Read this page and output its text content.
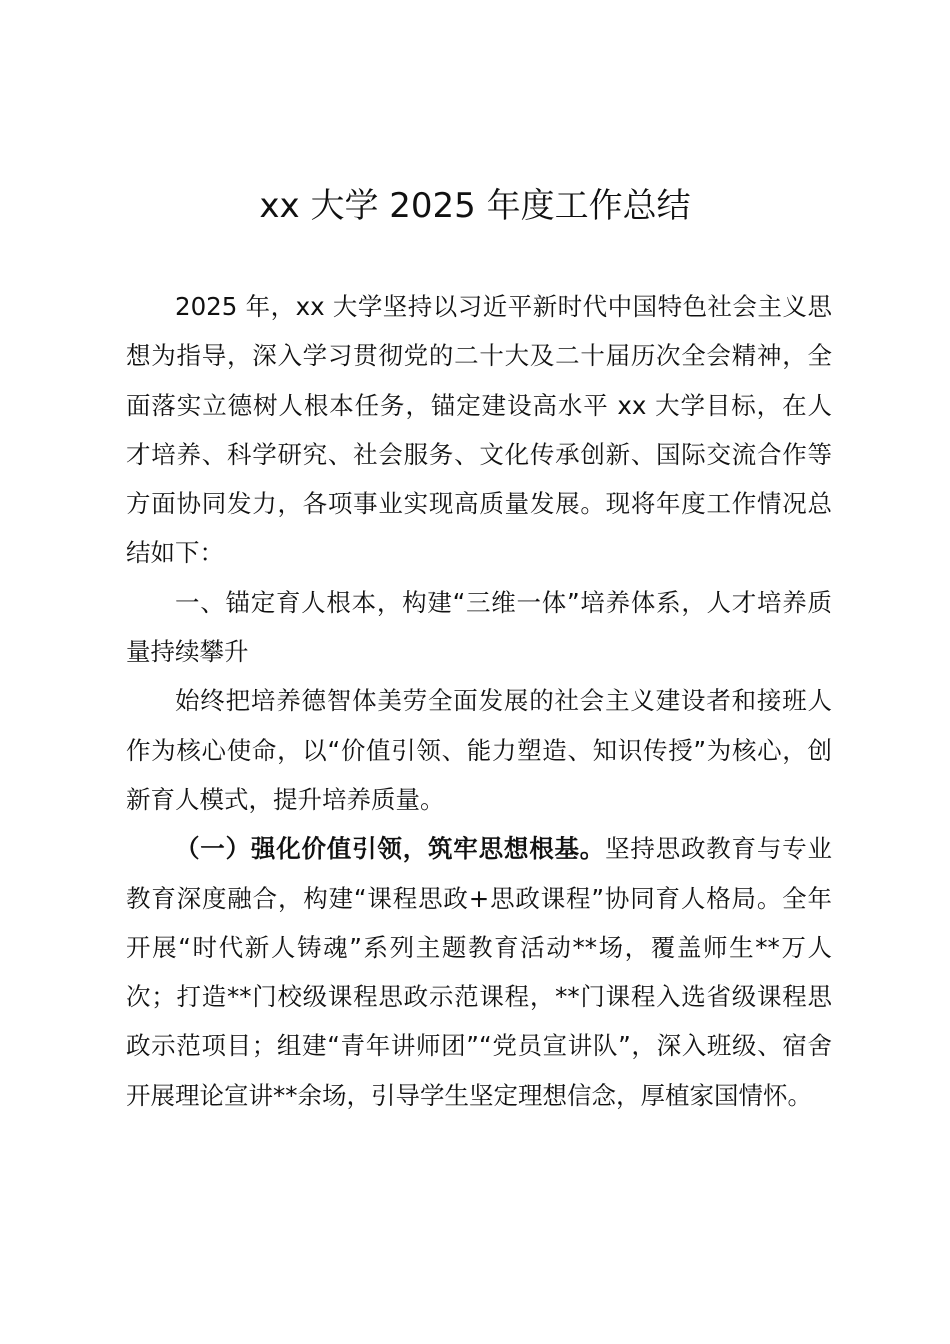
xx 大学 2025 年度工作总结

2025 年，xx 大学坚持以习近平新时代中国特色社会主义思想为指导，深入学习贯彻党的二十大及二十届历次全会精神，全面落实立德树人根本任务，锚定建设高水平 xx 大学目标，在人才培养、科学研究、社会服务、文化传承创新、国际交流合作等方面协同发力，各项事业实现高质量发展。现将年度工作情况总结如下：

一、锚定育人根本，构建“三维一体”培养体系，人才培养质量持续攀升

始终把培养德智体美劳全面发展的社会主义建设者和接班人作为核心使命，以“价值引领、能力塑造、知识传授”为核心，创新育人模式，提升培养质量。

（一）强化价值引领，筑牢思想根基。坚持思政教育与专业教育深度融合，构建“课程思政+思政课程”协同育人格局。全年开展“时代新人铸魂”系列主题教育活动**场，覆盖师生**万人次；打造**门校级课程思政示范课程，**门课程入选省级课程思政示范项目；组建“青年讲师团”“党员宣讲队”，深入班级、宿舍开展理论宣讲**余场，引导学生坚定理想信念，厚植家国情怀。
